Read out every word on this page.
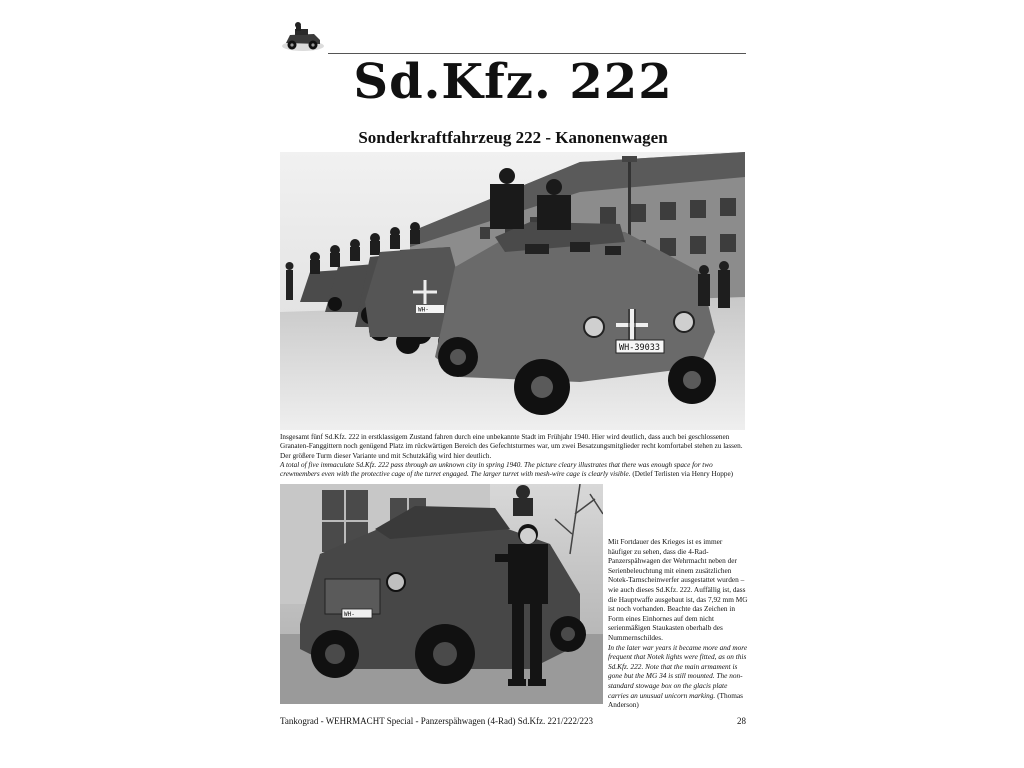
Sd.Kfz. 222
Sonderkraftfahrzeug 222 - Kanonenwagen
WH-
WH-39033

Insgesamt fünf Sd.Kfz. 222 in erstklassigem Zustand fahren durch eine unbekannte Stadt im Frühjahr 1940. Hier wird deutlich, dass auch bei geschlossenen Granaten-Fanggittern noch genügend Platz im rückwärtigen Bereich des Gefechtsturmes war, um zwei Besatzungsmitglieder recht komfortabel stehen zu lassen. Der größere Turm dieser Variante und mit Schutzkäfig wird hier deutlich.
A total of five immaculate Sd.Kfz. 222 pass through an unknown city in spring 1940. The picture cleary illustrates that there was enough space for two crewmembers even with the protective cage of the turret engaged. The larger turret with mesh-wire cage is clearly visible. (Detlef Terlisten via Henry Hoppe)

WH-

Mit Fortdauer des Krieges ist es immer häufiger zu sehen, dass die 4-Rad-Panzerspähwagen der Wehrmacht neben der Serienbeleuchtung mit einem zusätzlichen Notek-Tarnscheinwerfer ausgestattet wurden – wie auch dieses Sd.Kfz. 222. Auffällig ist, dass die Hauptwaffe ausgebaut ist, das 7,92 mm MG ist noch vorhanden. Beachte das Zeichen in Form eines Einhornes auf dem nicht serienmäßigen Staukasten oberhalb des Nummernschildes.
In the later war years it became more and more frequent that Notek lights were fitted, as on this Sd.Kfz. 222. Note that the main armament is gone but the MG 34 is still mounted. The non-standard stowage box on the glacis plate carries an unusual unicorn marking. (Thomas Anderson)

Tankograd - WEHRMACHT Special - Panzerspähwagen (4-Rad) Sd.Kfz. 221/222/223	28
